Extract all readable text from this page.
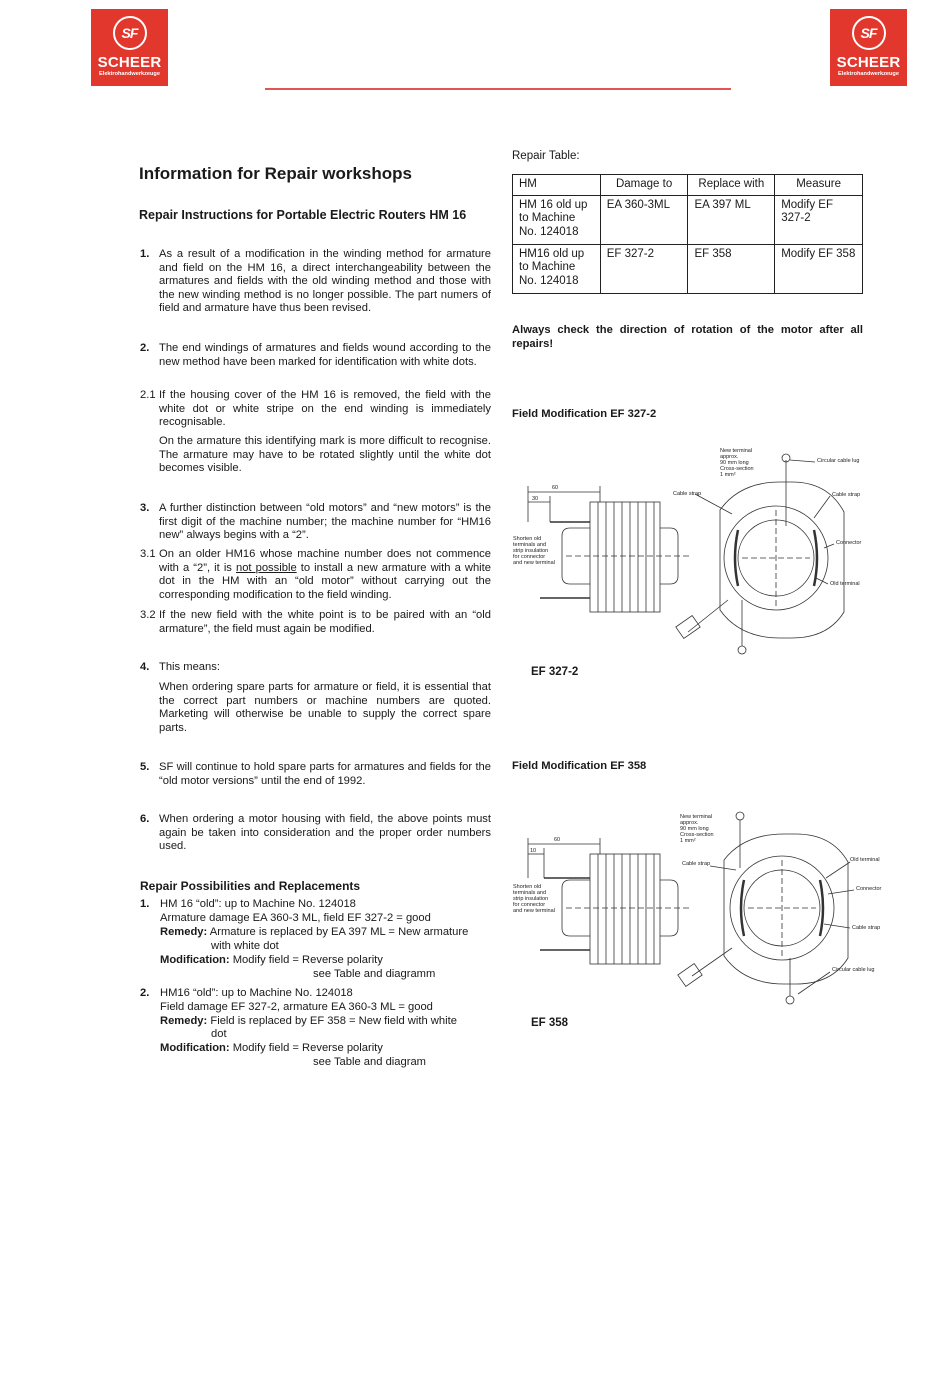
SF
SCHEER
Elektrohandwerkzeuge
SF
SCHEER
Elektrohandwerkzeuge
Information for Repair workshops
Repair Instructions for Portable Electric Routers HM 16
1. As a result of a modification in the winding method for armature and field on the HM 16, a direct interchangeability between the armatures and fields with the old winding method and those with the new winding method is no longer possible. The part numers of field and armature have thus been revised.
2. The end windings of armatures and fields wound according to the new method have been marked for identification with white dots.
2.1 If the housing cover of the HM 16 is removed, the field with the white dot or white stripe on the end winding is immediately recognisable.
On the armature this identifying mark is more difficult to recognise. The armature may have to be rotated slightly until the white dot becomes visible.
3. A further distinction between “old motors” and “new motors” is the first digit of the machine number; the machine number for “HM16 new” always begins with a “2”.
3.1 On an older HM16 whose machine number does not commence with a “2”, it is not possible to install a new armature with a white dot in the HM with an “old motor” without carrying out the corresponding modification to the field winding.
3.2 If the new field with the white point is to be paired with an “old armature”, the field must again be modified.
4. This means:
When ordering spare parts for armature or field, it is essential that the correct part numbers or machine numbers are quoted. Marketing will otherwise be unable to supply the correct spare parts.
5. SF will continue to hold spare parts for armatures and fields for the “old motor versions” until the end of 1992.
6. When ordering a motor housing with field, the above points must again be taken into consideration and the proper order numbers used.
Repair Possibilities and Replacements
1. HM 16 “old”: up to Machine No. 124018
Armature damage EA 360-3 ML, field EF 327-2 = good
Remedy: Armature is replaced by EA 397 ML = New armature
with white dot
Modification: Modify field = Reverse polarity
see Table and diagramm
2. HM16 “old”: up to Machine No. 124018
Field damage EF 327-2, armature EA 360-3 ML = good
Remedy: Field is replaced by EF 358 = New field with white
dot
Modification: Modify field = Reverse polarity
see Table and diagram
Repair Table:
HM	Damage to	Replace with	Measure
HM 16 old up to Machine No. 124018	EA 360-3ML	EA 397 ML	Modify EF 327-2
HM16 old up to Machine No. 124018	EF 327-2	EF 358	Modify EF 358
Always check the direction of rotation of the motor after all repairs!
Field Modification EF 327-2
60
30
Shorten old
terminals and
strip insulation
for connector
and new terminal
New terminal
approx.
90 mm long
Cross-section
1 mm²
Circular cable lug
Cable strap	Cable strap
Connector
Old terminal
EF 327-2
Field Modification EF 358
60
10
Shorten old
terminals and
strip insulation
for connector
and new terminal
New terminal
approx.
90 mm long
Cross-section
1 mm²
Cable strap
Old terminal
Connector
Cable strap
Circular cable lug
EF 358
